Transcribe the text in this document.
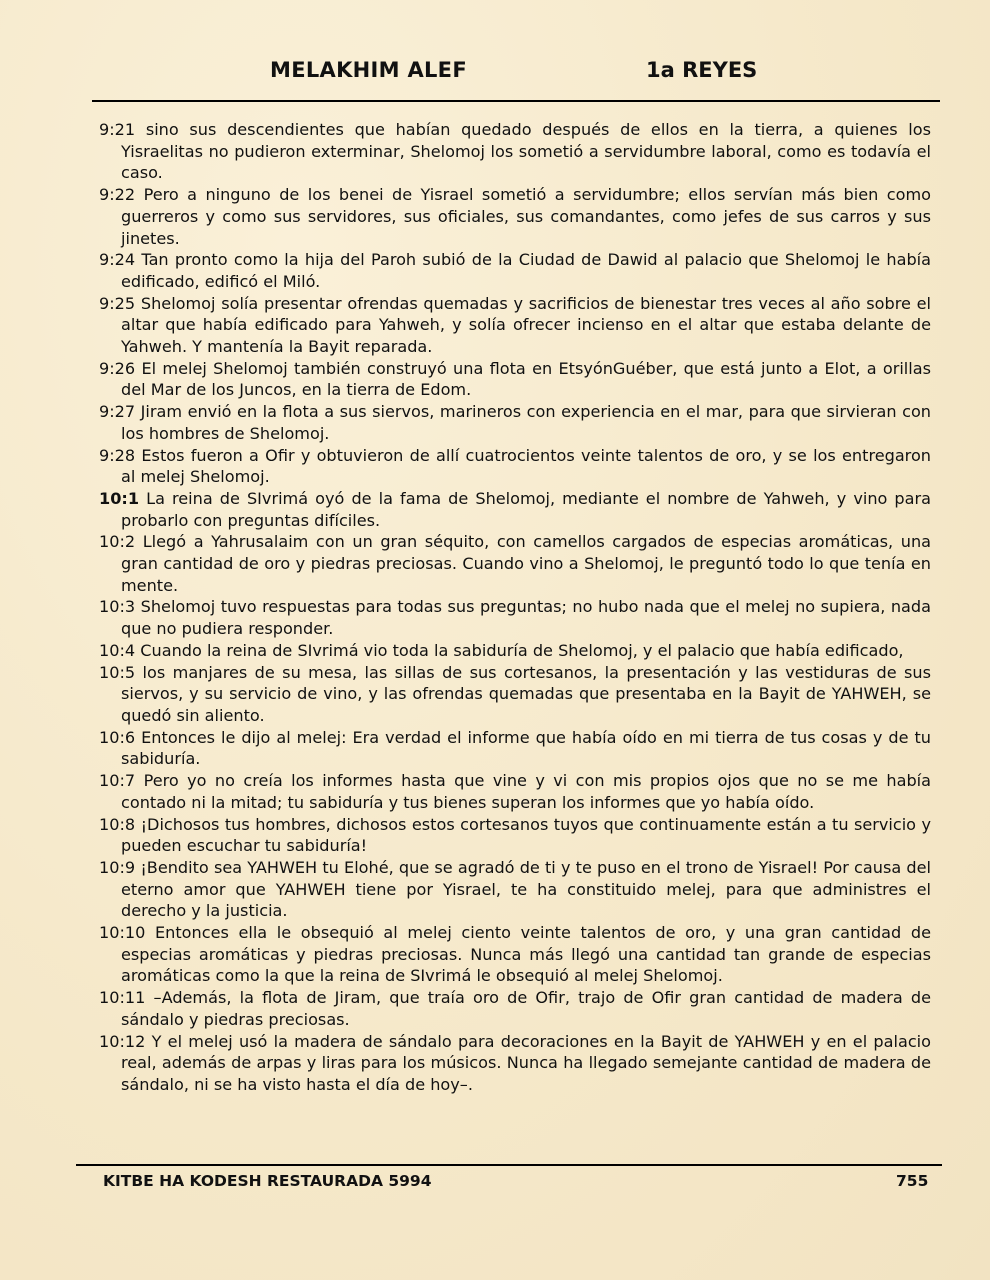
MELAKHIM ALEF	1a REYES

9:21 sino sus descendientes que habían quedado después de ellos en la tierra, a quienes los Yisraelitas no pudieron exterminar, Shelomoj los sometió a servidumbre laboral, como es todavía el caso.

9:22 Pero a ninguno de los benei de Yisrael sometió a servidumbre; ellos servían más bien como guerreros y como sus servidores, sus oficiales, sus comandantes, como jefes de sus carros y sus jinetes.

9:24 Tan pronto como la hija del Paroh subió de la Ciudad de Dawid al palacio que Shelomoj le había edificado, edificó el Miló.

9:25 Shelomoj solía presentar ofrendas quemadas y sacrificios de bienestar tres veces al año sobre el altar que había edificado para Yahweh, y solía ofrecer incienso en el altar que estaba delante de Yahweh. Y mantenía la Bayit reparada.

9:26 El melej Shelomoj también construyó una flota en EtsyónGuéber, que está junto a Elot, a orillas del Mar de los Juncos, en la tierra de Edom.

9:27 Jiram envió en la flota a sus siervos, marineros con experiencia en el mar, para que sirvieran con los hombres de Shelomoj.

9:28 Estos fueron a Ofir y obtuvieron de allí cuatrocientos veinte talentos de oro, y se los entregaron al melej Shelomoj.

10:1 La reina de SIvrimá oyó de la fama de Shelomoj, mediante el nombre de Yahweh, y vino para probarlo con preguntas difíciles.

10:2 Llegó a Yahrusalaim con un gran séquito, con camellos cargados de especias aromáticas, una gran cantidad de oro y piedras preciosas. Cuando vino a Shelomoj, le preguntó todo lo que tenía en mente.

10:3 Shelomoj tuvo respuestas para todas sus preguntas; no hubo nada que el melej no supiera, nada que no pudiera responder.

10:4 Cuando la reina de SIvrimá vio toda la sabiduría de Shelomoj, y el palacio que había edificado,

10:5 los manjares de su mesa, las sillas de sus cortesanos, la presentación y las vestiduras de sus siervos, y su servicio de vino, y las ofrendas quemadas que presentaba en la Bayit de YAHWEH, se quedó sin aliento.

10:6 Entonces le dijo al melej: Era verdad el informe que había oído en mi tierra de tus cosas y de tu sabiduría.

10:7 Pero yo no creía los informes hasta que vine y vi con mis propios ojos que no se me había contado ni la mitad; tu sabiduría y tus bienes superan los informes que yo había oído.

10:8 ¡Dichosos tus hombres, dichosos estos cortesanos tuyos que continuamente están a tu servicio y pueden escuchar tu sabiduría!

10:9 ¡Bendito sea YAHWEH tu Elohé, que se agradó de ti y te puso en el trono de Yisrael! Por causa del eterno amor que YAHWEH tiene por Yisrael, te ha constituido melej, para que administres el derecho y la justicia.

10:10 Entonces ella le obsequió al melej ciento veinte talentos de oro, y una gran cantidad de especias aromáticas y piedras preciosas. Nunca más llegó una cantidad tan grande de especias aromáticas como la que la reina de SIvrimá le obsequió al melej Shelomoj.

10:11 –Además, la flota de Jiram, que traía oro de Ofir, trajo de Ofir gran cantidad de madera de sándalo y piedras preciosas.

10:12 Y el melej usó la madera de sándalo para decoraciones en la Bayit de YAHWEH y en el palacio real, además de arpas y liras para los músicos. Nunca ha llegado semejante cantidad de madera de sándalo, ni se ha visto hasta el día de hoy–.

KITBE HA KODESH RESTAURADA 5994	755
